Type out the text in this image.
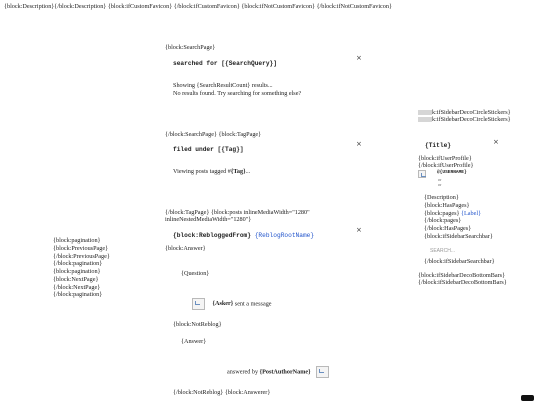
{block:Description}{/block:Description} {block:ifCustomFavicon} {/block:ifCustomFavicon} {block:ifNotCustomFavicon} {/block:ifNotCustomFavicon}
{block:SearchPage}
searched for [{SearchQuery}]
×
Showing {SearchResultCount} results...
No results found. Try searching for something else?
{/block:SearchPage} {block:TagPage}
filed under [{Tag}]
×
Viewing posts tagged #{Tag}...
{/block:TagPage} {block:posts inlineMediaWidth="1280"
inlineNestedMediaWidth="1280"}
{block:RebloggedFrom} {ReblogRootName}
×
{block:Answer}
{Question}
{Asker} sent a message
{block:NotReblog}
{Answer}
answered by {PostAuthorName}
{/block:NotReblog} {block:Answerer}
{block:pagination}
{block:PreviousPage}
{/block:PreviousPage}
{/block:pagination}
{block:pagination}
{block:NextPage}
{/block:NextPage}
{/block:pagination}
k:ifSidebarDecoCircleStickers}
k:ifSidebarDecoCircleStickers}
×
{Title}
{block:ifUserProfile}
{/block:ifUserProfile}
@{USERNAME}
or
or
{Description}
{block:HasPages}
{block:pages} {Label}
{/block:pages}
{/block:HasPages}
{block:ifSidebarSearchbar}
SEARCH...
{/block:ifSidebarSearchbar}
{block:ifSidebarDecoBottomBars}
{/block:ifSidebarDecoBottomBars}
